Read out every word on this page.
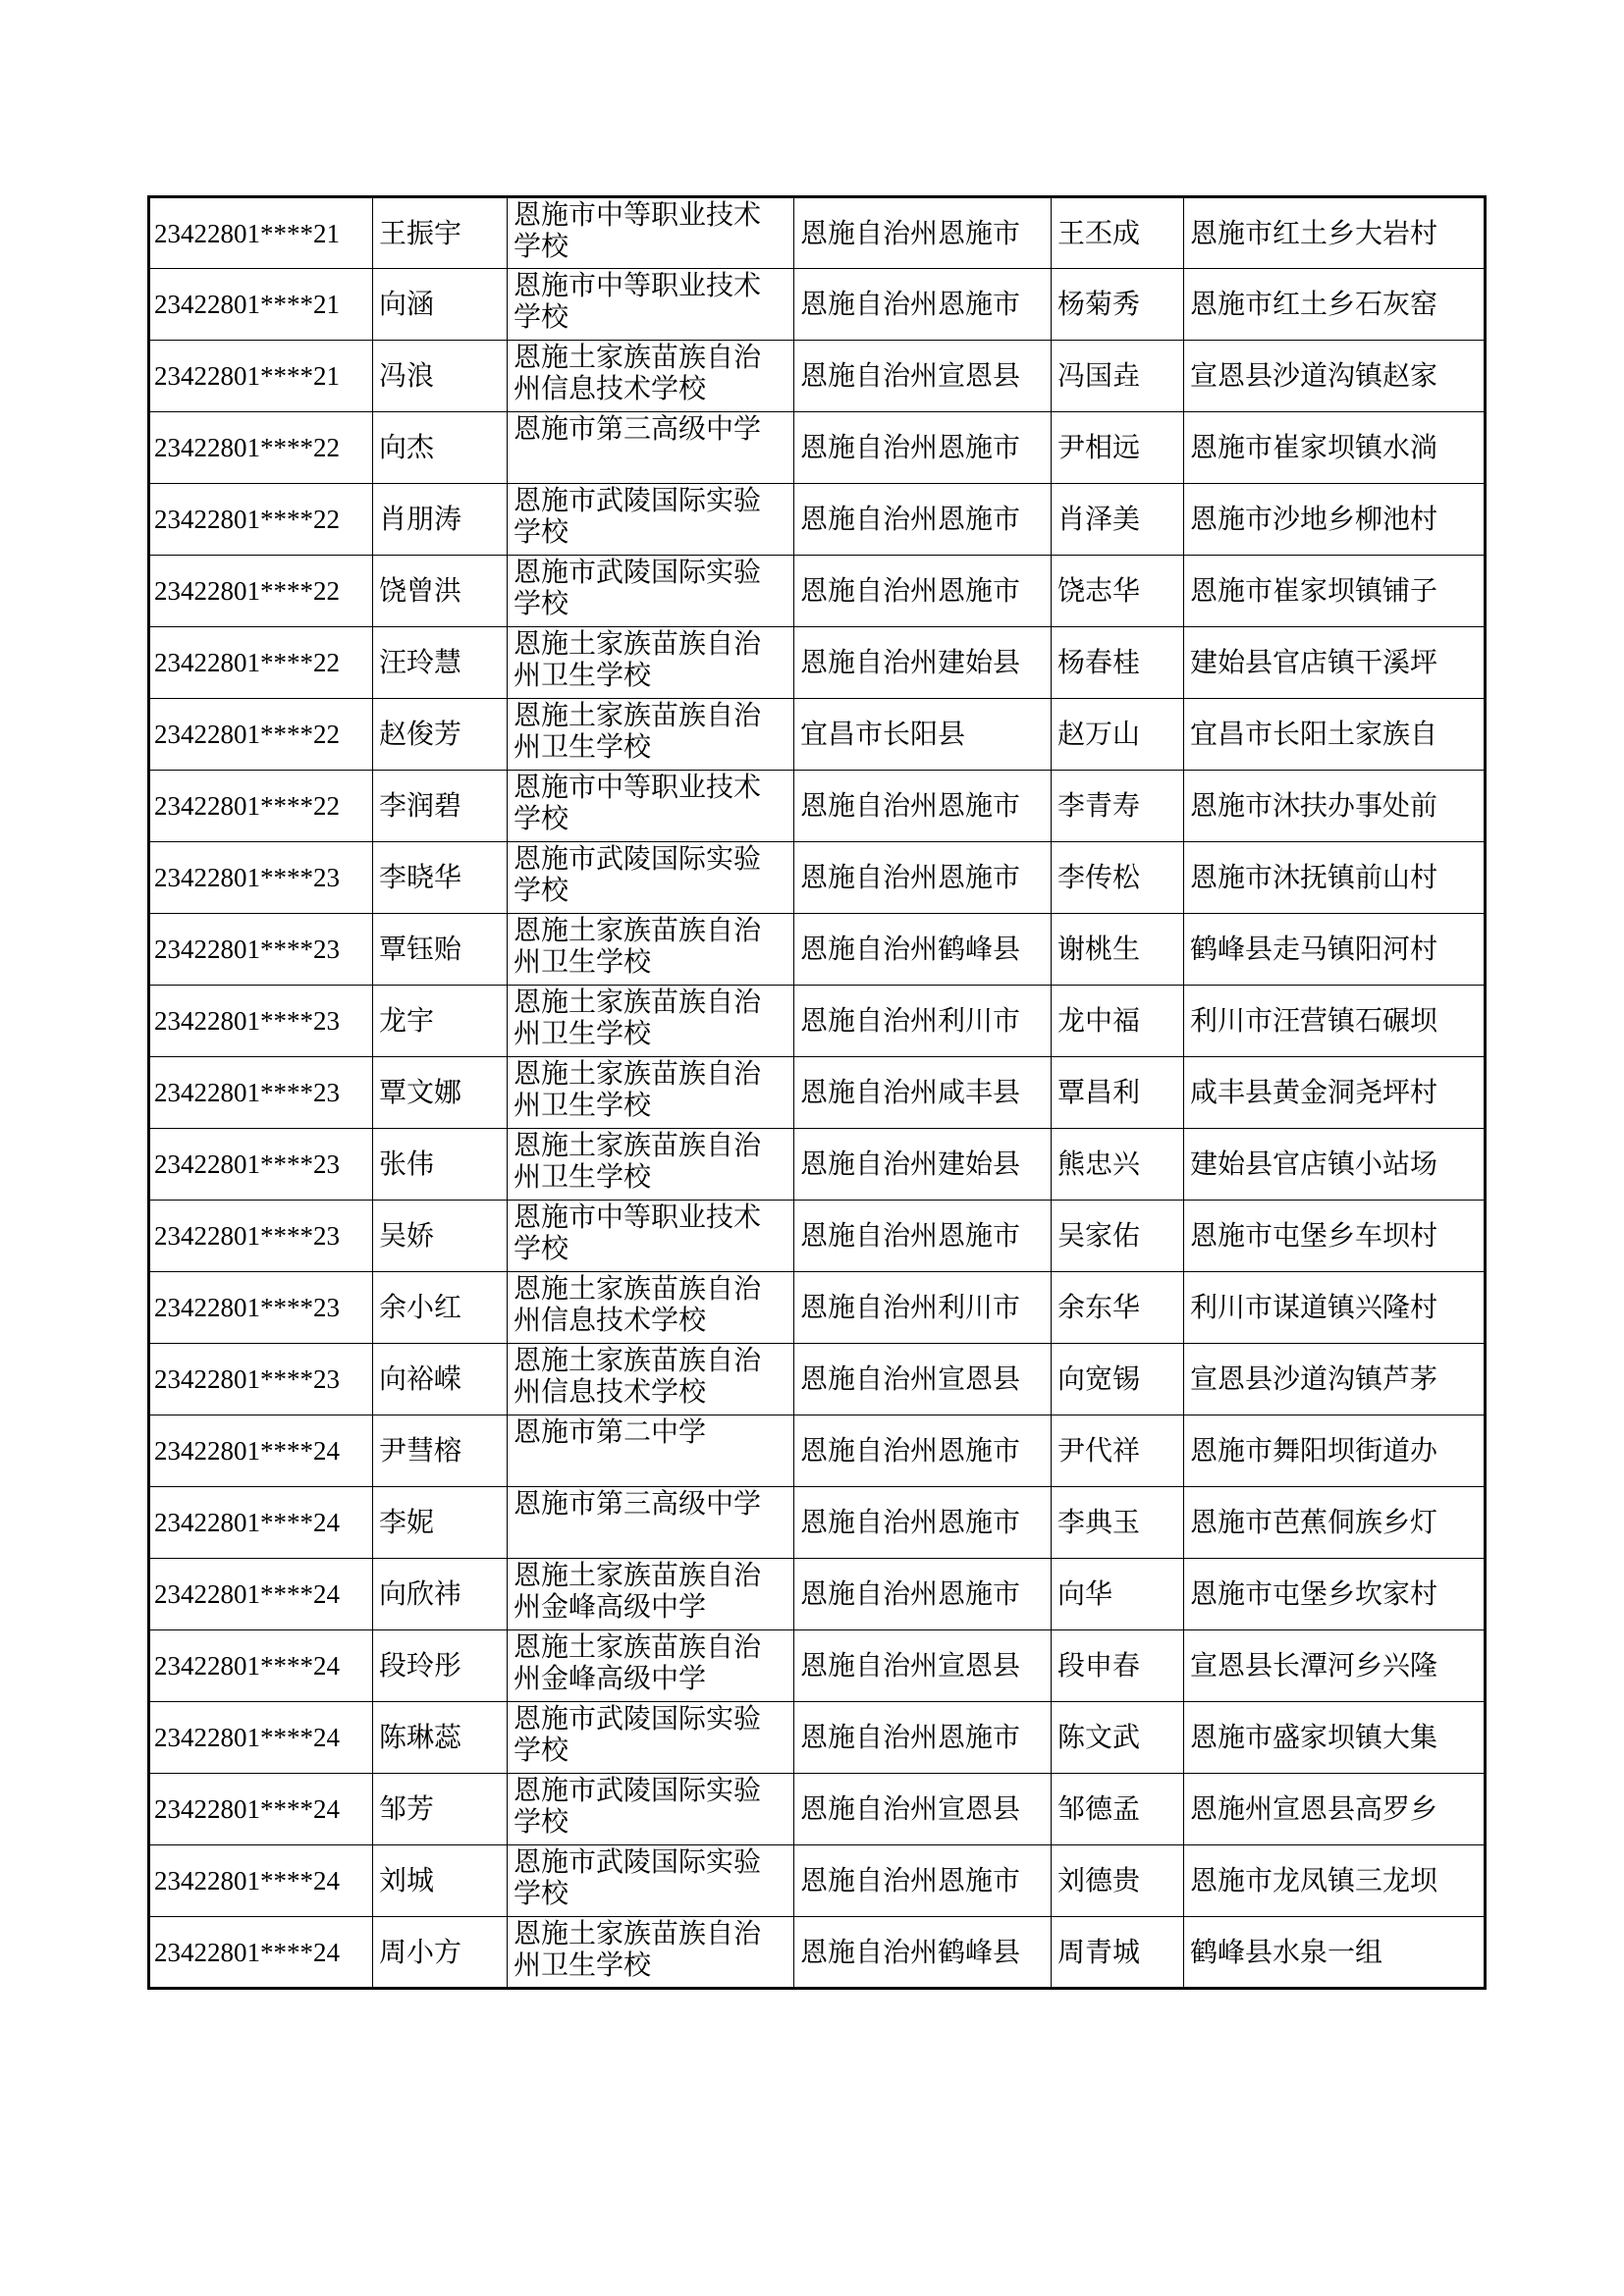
23422801****21	王振宇	恩施市中等职业技术学校	恩施自治州恩施市	王丕成	恩施市红土乡大岩村
23422801****21	向涵	恩施市中等职业技术学校	恩施自治州恩施市	杨菊秀	恩施市红土乡石灰窑
23422801****21	冯浪	恩施土家族苗族自治州信息技术学校	恩施自治州宣恩县	冯国垚	宣恩县沙道沟镇赵家
23422801****22	向杰	恩施市第三高级中学	恩施自治州恩施市	尹相远	恩施市崔家坝镇水淌
23422801****22	肖朋涛	恩施市武陵国际实验学校	恩施自治州恩施市	肖泽美	恩施市沙地乡柳池村
23422801****22	饶曾洪	恩施市武陵国际实验学校	恩施自治州恩施市	饶志华	恩施市崔家坝镇铺子
23422801****22	汪玲慧	恩施土家族苗族自治州卫生学校	恩施自治州建始县	杨春桂	建始县官店镇干溪坪
23422801****22	赵俊芳	恩施土家族苗族自治州卫生学校	宜昌市长阳县	赵万山	宜昌市长阳土家族自
23422801****22	李润碧	恩施市中等职业技术学校	恩施自治州恩施市	李青寿	恩施市沐扶办事处前
23422801****23	李晓华	恩施市武陵国际实验学校	恩施自治州恩施市	李传松	恩施市沐抚镇前山村
23422801****23	覃钰贻	恩施土家族苗族自治州卫生学校	恩施自治州鹤峰县	谢桃生	鹤峰县走马镇阳河村
23422801****23	龙宇	恩施土家族苗族自治州卫生学校	恩施自治州利川市	龙中福	利川市汪营镇石碾坝
23422801****23	覃文娜	恩施土家族苗族自治州卫生学校	恩施自治州咸丰县	覃昌利	咸丰县黄金洞尧坪村
23422801****23	张伟	恩施土家族苗族自治州卫生学校	恩施自治州建始县	熊忠兴	建始县官店镇小站场
23422801****23	吴娇	恩施市中等职业技术学校	恩施自治州恩施市	吴家佑	恩施市屯堡乡车坝村
23422801****23	余小红	恩施土家族苗族自治州信息技术学校	恩施自治州利川市	余东华	利川市谋道镇兴隆村
23422801****23	向裕嵘	恩施土家族苗族自治州信息技术学校	恩施自治州宣恩县	向宽锡	宣恩县沙道沟镇芦茅
23422801****24	尹彗榕	恩施市第二中学	恩施自治州恩施市	尹代祥	恩施市舞阳坝街道办
23422801****24	李妮	恩施市第三高级中学	恩施自治州恩施市	李典玉	恩施市芭蕉侗族乡灯
23422801****24	向欣祎	恩施土家族苗族自治州金峰高级中学	恩施自治州恩施市	向华	恩施市屯堡乡坎家村
23422801****24	段玲彤	恩施土家族苗族自治州金峰高级中学	恩施自治州宣恩县	段申春	宣恩县长潭河乡兴隆
23422801****24	陈琳蕊	恩施市武陵国际实验学校	恩施自治州恩施市	陈文武	恩施市盛家坝镇大集
23422801****24	邹芳	恩施市武陵国际实验学校	恩施自治州宣恩县	邹德孟	恩施州宣恩县高罗乡
23422801****24	刘城	恩施市武陵国际实验学校	恩施自治州恩施市	刘德贵	恩施市龙凤镇三龙坝
23422801****24	周小方	恩施土家族苗族自治州卫生学校	恩施自治州鹤峰县	周青城	鹤峰县水泉一组
